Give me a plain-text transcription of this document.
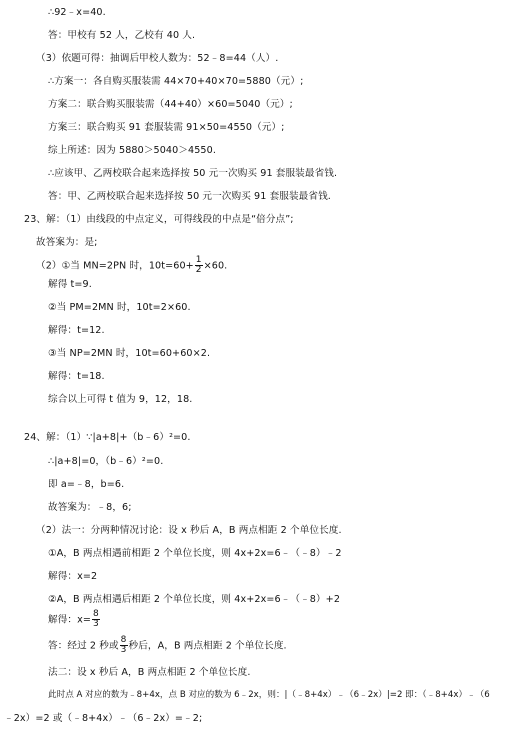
∴92﹣x=40.
答：甲校有 52 人，乙校有 40 人.
（3）依题可得：抽调后甲校人数为：52﹣8=44（人）.
∴方案一：各自购买服装需 44×70+40×70=5880（元）;
方案二：联合购买服装需（44+40）×60=5040（元）;
方案三：联合购买 91 套服装需 91×50=4550（元）;
综上所述：因为 5880＞5040＞4550.
∴应该甲、乙两校联合起来选择按 50 元一次购买 91 套服装最省钱.
答：甲、乙两校联合起来选择按 50 元一次购买 91 套服装最省钱.
23、解：（1）由线段的中点定义，可得线段的中点是“倍分点”;
故答案为：是;
（2）①当 MN=2PN 时，$10t=60+ \frac{1}{2} \times 60$.
解得 t=9.
②当 PM=2MN 时，10t=2×60.
解得：t=12.
③当 NP=2MN 时，10t=60+60×2.
解得：t=18.
综合以上可得 t 值为 9，12，18.
24、解：（1）∵|a+8|+（b﹣6）²=0.
∴|a+8|=0，（b﹣6）²=0.
即 a=﹣8，b=6.
故答案为：﹣8，6;
（2）法一：分两种情况讨论：设 x 秒后 A，B 两点相距 2 个单位长度.
①A，B 两点相遇前相距 2 个单位长度，则 4x+2x=6﹣（﹣8）﹣2
解得：x=2
②A，B 两点相遇后相距 2 个单位长度，则 4x+2x=6﹣（﹣8）+2
解得：$x= \frac{8}{3}$
答：经过 2 秒或 $\frac{8}{3}$ 秒后，A，B 两点相距 2 个单位长度.
法二：设 x 秒后 A，B 两点相距 2 个单位长度.
此时点 A 对应的数为﹣8+4x，点 B 对应的数为 6﹣2x，则：|（﹣8+4x）﹣（6﹣2x）|=2 即：（﹣8+4x）﹣（6
﹣2x）=2 或（﹣8+4x）﹣（6﹣2x）=﹣2;
